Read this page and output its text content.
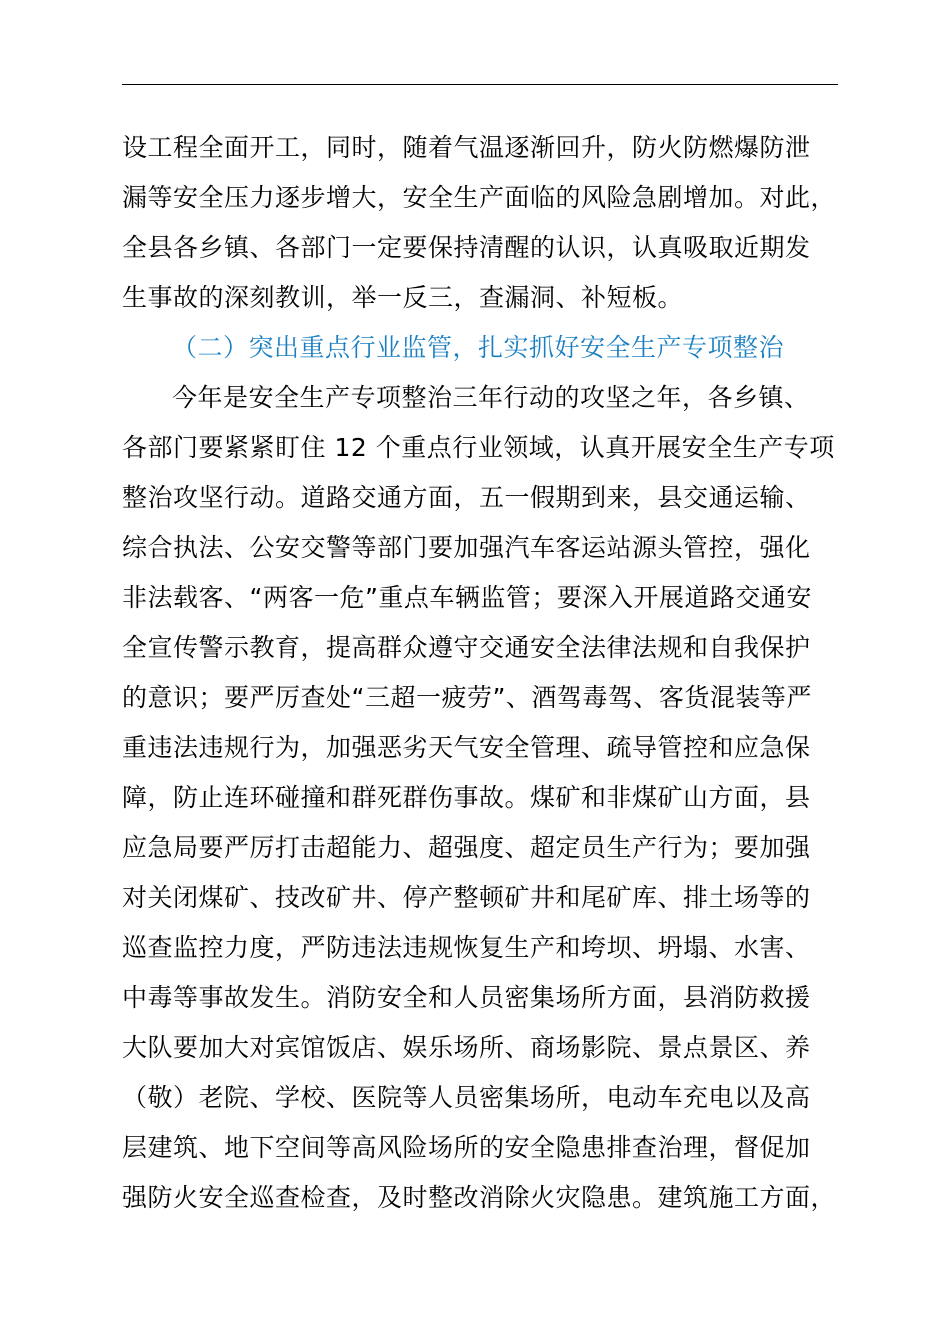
设工程全面开工，同时，随着气温逐渐回升，防火防燃爆防泄
漏等安全压力逐步增大，安全生产面临的风险急剧增加。对此，
全县各乡镇、各部门一定要保持清醒的认识，认真吸取近期发
生事故的深刻教训，举一反三，查漏洞、补短板。
（二）突出重点行业监管，扎实抓好安全生产专项整治
今年是安全生产专项整治三年行动的攻坚之年，各乡镇、
各部门要紧紧盯住 12 个重点行业领域，认真开展安全生产专项
整治攻坚行动。道路交通方面，五一假期到来，县交通运输、
综合执法、公安交警等部门要加强汽车客运站源头管控，强化
非法载客、“两客一危”重点车辆监管；要深入开展道路交通安
全宣传警示教育，提高群众遵守交通安全法律法规和自我保护
的意识；要严厉查处“三超一疲劳”、酒驾毒驾、客货混装等严
重违法违规行为，加强恶劣天气安全管理、疏导管控和应急保
障，防止连环碰撞和群死群伤事故。煤矿和非煤矿山方面，县
应急局要严厉打击超能力、超强度、超定员生产行为；要加强
对关闭煤矿、技改矿井、停产整顿矿井和尾矿库、排土场等的
巡查监控力度，严防违法违规恢复生产和垮坝、坍塌、水害、
中毒等事故发生。消防安全和人员密集场所方面，县消防救援
大队要加大对宾馆饭店、娱乐场所、商场影院、景点景区、养
（敬）老院、学校、医院等人员密集场所，电动车充电以及高
层建筑、地下空间等高风险场所的安全隐患排查治理，督促加
强防火安全巡查检查，及时整改消除火灾隐患。建筑施工方面，
